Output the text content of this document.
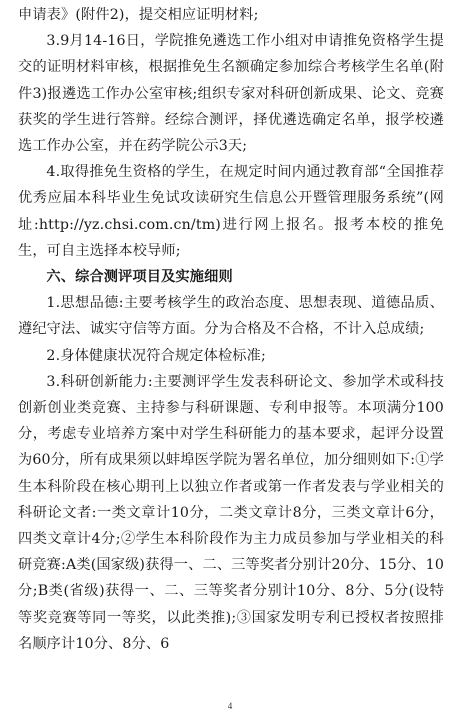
申请表》(附件2)，提交相应证明材料;

3.9月14-16日，学院推免遴选工作小组对申请推免资格学生提交的证明材料审核，根据推免生名额确定参加综合考核学生名单(附件3)报遴选工作办公室审核;组织专家对科研创新成果、论文、竞赛获奖的学生进行答辩。经综合测评，择优遴选确定名单，报学校遴选工作办公室，并在药学院公示3天;

4.取得推免生资格的学生，在规定时间内通过教育部“全国推荐优秀应届本科毕业生免试攻读研究生信息公开暨管理服务系统”(网址:http://yz.chsi.com.cn/tm)进行网上报名。报考本校的推免生，可自主选择本校导师;

六、综合测评项目及实施细则

1.思想品德:主要考核学生的政治态度、思想表现、道德品质、遵纪守法、诚实守信等方面。分为合格及不合格，不计入总成绩;

2.身体健康状况符合规定体检标准;

3.科研创新能力:主要测评学生发表科研论文、参加学术或科技创新创业类竞赛、主持参与科研课题、专利申报等。本项满分100分，考虑专业培养方案中对学生科研能力的基本要求，起评分设置为60分，所有成果须以蚌埠医学院为署名单位，加分细则如下:①学生本科阶段在核心期刊上以独立作者或第一作者发表与学业相关的科研论文者:一类文章计10分，二类文章计8分，三类文章计6分，四类文章计4分;②学生本科阶段作为主力成员参加与学业相关的科研竞赛:A类(国家级)获得一、二、三等奖者分别计20分、15分、10分;B类(省级)获得一、二、三等奖者分别计10分、8分、5分(设特等奖竞赛等同一等奖，以此类推);③国家发明专利已授权者按照排名顺序计10分、8分、6

4
